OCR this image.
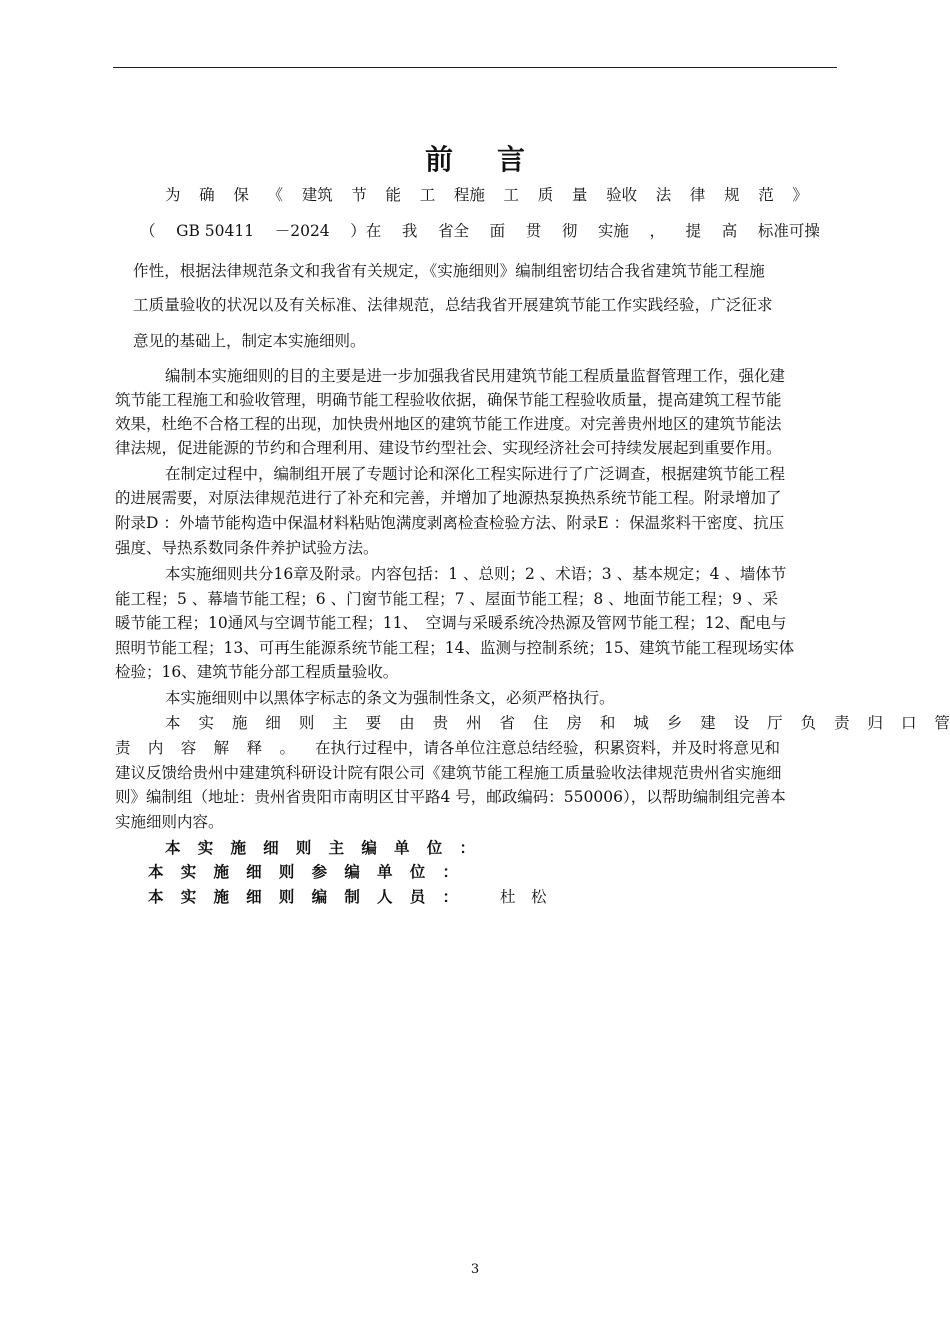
前言
为 确 保 《 建筑 节 能 工 程施 工 质 量 验收 法 律 规 范 》
（ GB 50411 －2024 ）在 我 省全 面 贯 彻 实施 ， 提 高 标准可操
作性，根据法律规范条文和我省有关规定，《实施细则》编制组密切结合我省建筑节能工程施
工质量验收的状况以及有关标准、法律规范，总结我省开展建筑节能工作实践经验，广泛征求
意见的基础上，制定本实施细则。
编制本实施细则的目的主要是进一步加强我省民用建筑节能工程质量监督管理工作，强化建
筑节能工程施工和验收管理，明确节能工程验收依据，确保节能工程验收质量，提高建筑工程节能
效果，杜绝不合格工程的出现，加快贵州地区的建筑节能工作进度。对完善贵州地区的建筑节能法
律法规，促进能源的节约和合理利用、建设节约型社会、实现经济社会可持续发展起到重要作用。
在制定过程中，编制组开展了专题讨论和深化工程实际进行了广泛调查，根据建筑节能工程
的进展需要，对原法律规范进行了补充和完善，并增加了地源热泵换热系统节能工程。附录增加了
附录D ：外墙节能构造中保温材料粘贴饱满度剥离检查检验方法、附录E ：保温浆料干密度、抗压
强度、导热系数同条件养护试验方法。
本实施细则共分16章及附录。内容包括：1 、总则；2 、术语；3 、基本规定；4 、墙体节
能工程；5 、幕墙节能工程；6 、门窗节能工程；7 、屋面节能工程；8 、地面节能工程；9 、采
暖节能工程；10通风与空调节能工程；11、　空调与采暖系统冷热源及管网节能工程；12、配电与
照明节能工程；13、可再生能源系统节能工程；14、监测与控制系统；15、建筑节能工程现场实体
检验；16、建筑节能分部工程质量验收。
本实施细则中以黑体字标志的条文为强制性条文，必须严格执行。
本 实 施 细 则 主 要 由 贵 州 省 住 房 和 城 乡 建 设 厅 负 责 归 口 管
责 内 容 解 释 。 在执行过程中，请各单位注意总结经验，积累资料，并及时将意见和
建议反馈给贵州中建建筑科研设计院有限公司《建筑节能工程施工质量验收法律规范贵州省实施细
则》编制组（地址：贵州省贵阳市南明区甘平路4 号，邮政编码：550006），以帮助编制组完善本
实施细则内容。
本 实 施 细 则 主 编 单 位 ：
本 实 施 细 则 参 编 单 位 ：
本 实 施 细 则 编 制 人 员 ：	杜　松
3
